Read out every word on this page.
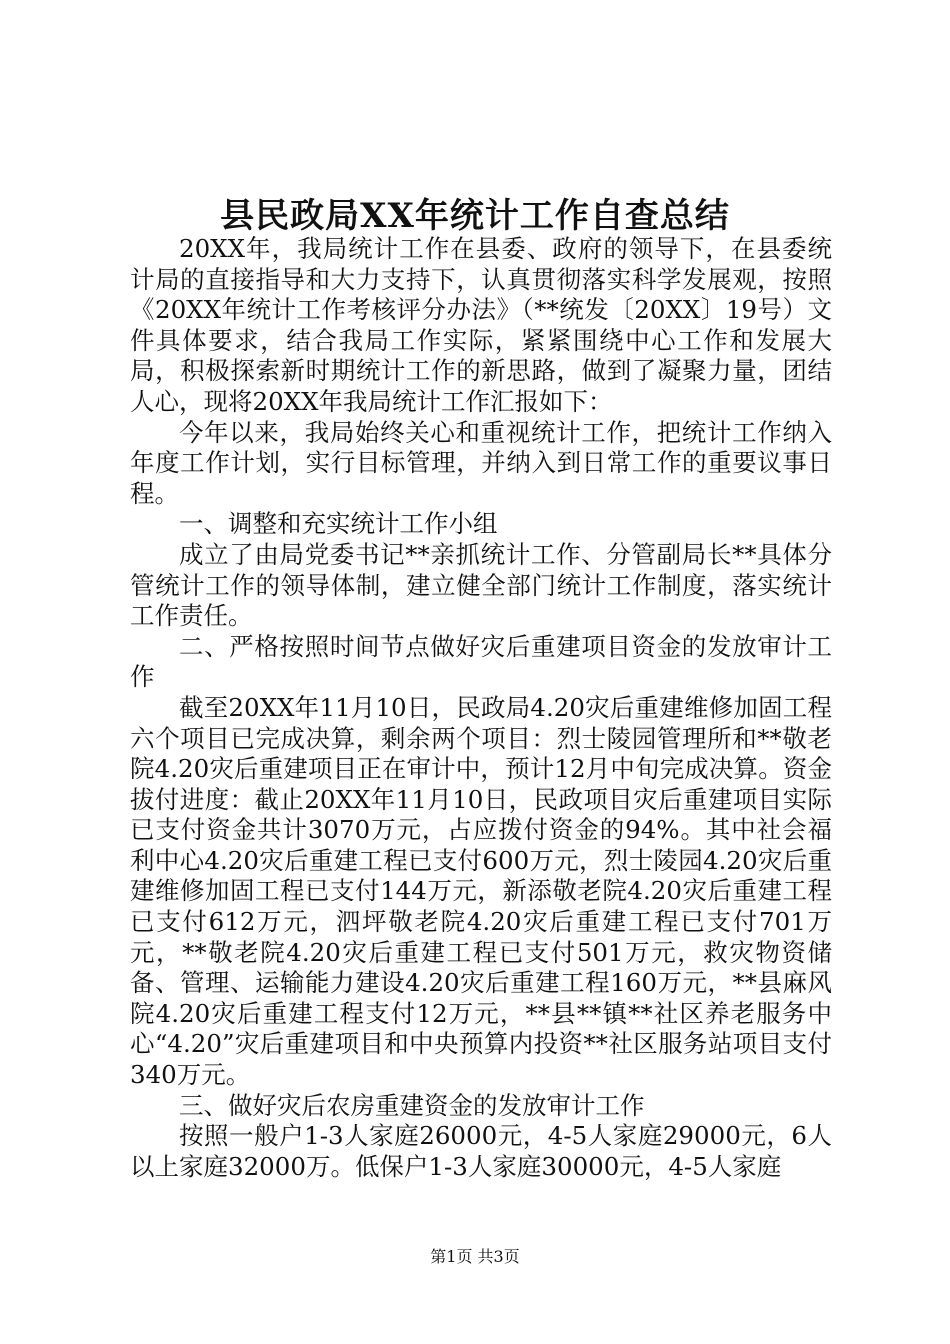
县民政局XX年统计工作自查总结

20XX年，我局统计工作在县委、政府的领导下，在县委统计局的直接指导和大力支持下，认真贯彻落实科学发展观，按照《20XX年统计工作考核评分办法》（**统发〔20XX〕19号）文件具体要求，结合我局工作实际，紧紧围绕中心工作和发展大局，积极探索新时期统计工作的新思路，做到了凝聚力量，团结人心，现将20XX年我局统计工作汇报如下：

今年以来，我局始终关心和重视统计工作，把统计工作纳入年度工作计划，实行目标管理，并纳入到日常工作的重要议事日程。

一、调整和充实统计工作小组

成立了由局党委书记**亲抓统计工作、分管副局长**具体分管统计工作的领导体制，建立健全部门统计工作制度，落实统计工作责任。

二、严格按照时间节点做好灾后重建项目资金的发放审计工作

截至20XX年11月10日，民政局4.20灾后重建维修加固工程六个项目已完成决算，剩余两个项目：烈士陵园管理所和**敬老院4.20灾后重建项目正在审计中，预计12月中旬完成决算。资金拔付进度：截止20XX年11月10日，民政项目灾后重建项目实际已支付资金共计3070万元，占应拨付资金的94%。其中社会福利中心4.20灾后重建工程已支付600万元，烈士陵园4.20灾后重建维修加固工程已支付144万元，新添敬老院4.20灾后重建工程已支付612万元，泗坪敬老院4.20灾后重建工程已支付701万元，**敬老院4.20灾后重建工程已支付501万元，救灾物资储备、管理、运输能力建设4.20灾后重建工程160万元，**县麻风院4.20灾后重建工程支付12万元，**县**镇**社区养老服务中心“4.20”灾后重建项目和中央预算内投资**社区服务站项目支付340万元。

三、做好灾后农房重建资金的发放审计工作

按照一般户1-3人家庭26000元，4-5人家庭29000元，6人以上家庭32000万。低保户1-3人家庭30000元，4-5人家庭

第1页 共3页
